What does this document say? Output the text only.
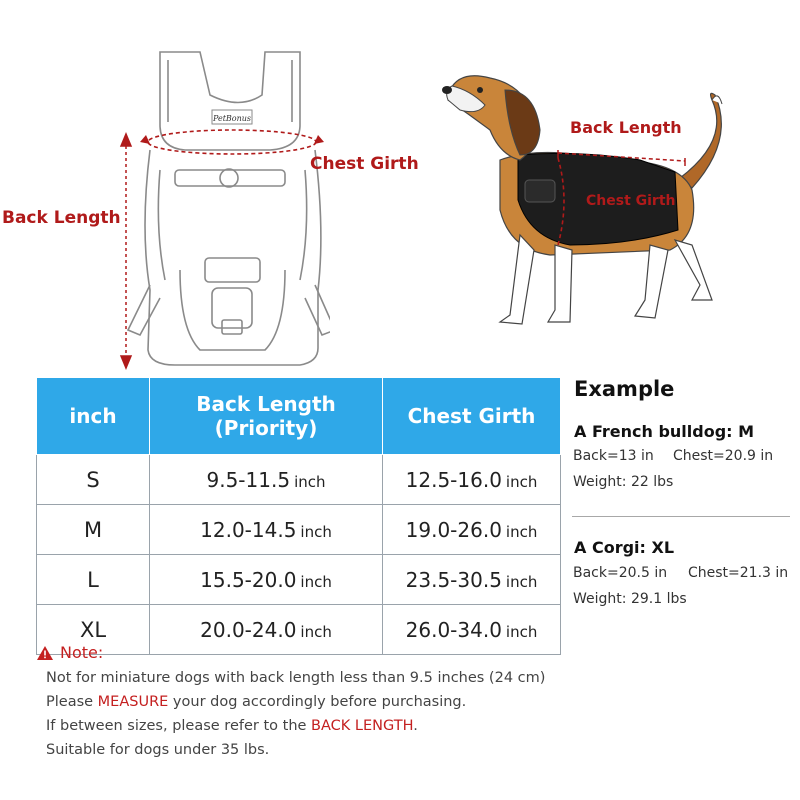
PetBonus
Back Length
Chest Girth
Back Length
Chest Girth
inch	Back Length (Priority)	Chest Girth
S	9.5-11.5 inch	12.5-16.0 inch
M	12.0-14.5 inch	19.0-26.0 inch
L	15.5-20.0 inch	23.5-30.5 inch
XL	20.0-24.0 inch	26.0-34.0 inch
Example
A French bulldog: M
Back=13 in Chest=20.9 in
Weight: 22 lbs
A Corgi: XL
Back=20.5 in Chest=21.3 in
Weight: 29.1 lbs
Note:
Not for miniature dogs with back length less than 9.5 inches (24 cm)
Please MEASURE your dog accordingly before purchasing.
If between sizes, please refer to the BACK LENGTH.
Suitable for dogs under 35 lbs.
